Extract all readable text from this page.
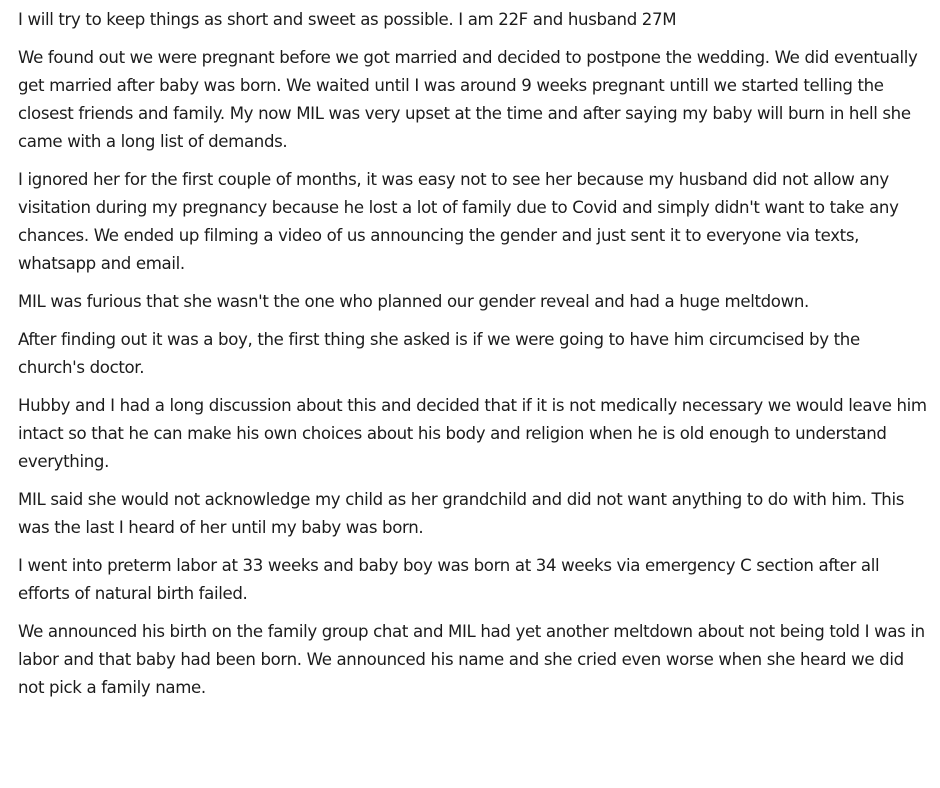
I will try to keep things as short and sweet as possible. I am 22F and husband 27M

We found out we were pregnant before we got married and decided to postpone the wedding. We did eventually get married after baby was born. We waited until I was around 9 weeks pregnant untill we started telling the closest friends and family. My now MIL was very upset at the time and after saying my baby will burn in hell she came with a long list of demands.

I ignored her for the first couple of months, it was easy not to see her because my husband did not allow any visitation during my pregnancy because he lost a lot of family due to Covid and simply didn't want to take any chances. We ended up filming a video of us announcing the gender and just sent it to everyone via texts, whatsapp and email.

MIL was furious that she wasn't the one who planned our gender reveal and had a huge meltdown.

After finding out it was a boy, the first thing she asked is if we were going to have him circumcised by the church's doctor.

Hubby and I had a long discussion about this and decided that if it is not medically necessary we would leave him intact so that he can make his own choices about his body and religion when he is old enough to understand everything.

MIL said she would not acknowledge my child as her grandchild and did not want anything to do with him. This was the last I heard of her until my baby was born.

I went into preterm labor at 33 weeks and baby boy was born at 34 weeks via emergency C section after all efforts of natural birth failed.

We announced his birth on the family group chat and MIL had yet another meltdown about not being told I was in labor and that baby had been born. We announced his name and she cried even worse when she heard we did not pick a family name.
